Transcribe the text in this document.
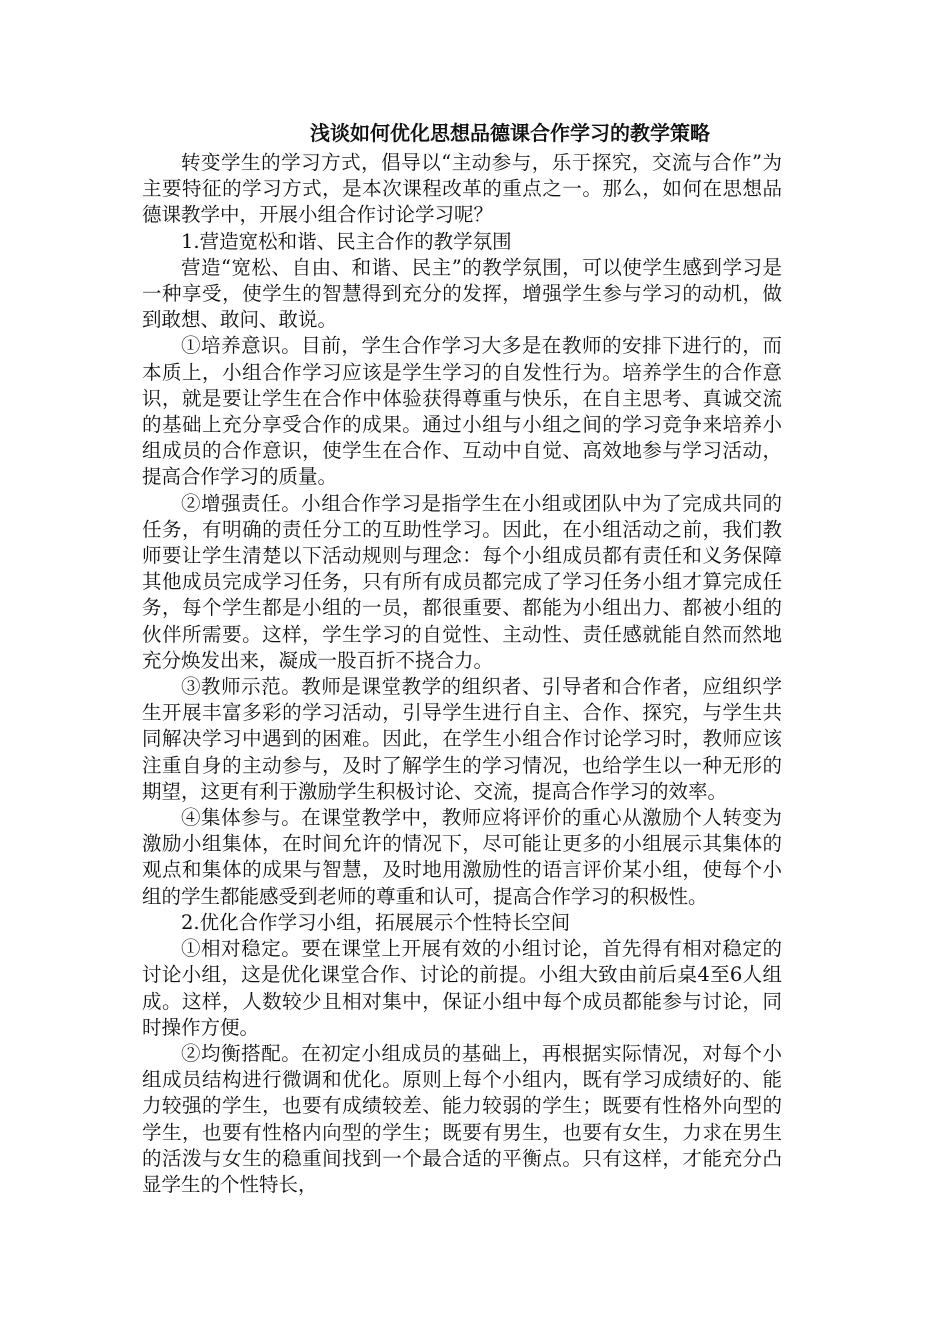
浅谈如何优化思想品德课合作学习的教学策略

转变学生的学习方式，倡导以“主动参与，乐于探究，交流与合作”为主要特征的学习方式，是本次课程改革的重点之一。那么，如何在思想品德课教学中，开展小组合作讨论学习呢？

1.营造宽松和谐、民主合作的教学氛围

营造“宽松、自由、和谐、民主”的教学氛围，可以使学生感到学习是一种享受，使学生的智慧得到充分的发挥，增强学生参与学习的动机，做到敢想、敢问、敢说。

①培养意识。目前，学生合作学习大多是在教师的安排下进行的，而本质上，小组合作学习应该是学生学习的自发性行为。培养学生的合作意识，就是要让学生在合作中体验获得尊重与快乐，在自主思考、真诚交流的基础上充分享受合作的成果。通过小组与小组之间的学习竞争来培养小组成员的合作意识，使学生在合作、互动中自觉、高效地参与学习活动，提高合作学习的质量。

②增强责任。小组合作学习是指学生在小组或团队中为了完成共同的任务，有明确的责任分工的互助性学习。因此，在小组活动之前，我们教师要让学生清楚以下活动规则与理念：每个小组成员都有责任和义务保障其他成员完成学习任务，只有所有成员都完成了学习任务小组才算完成任务，每个学生都是小组的一员，都很重要、都能为小组出力、都被小组的伙伴所需要。这样，学生学习的自觉性、主动性、责任感就能自然而然地充分焕发出来，凝成一股百折不挠合力。

③教师示范。教师是课堂教学的组织者、引导者和合作者，应组织学生开展丰富多彩的学习活动，引导学生进行自主、合作、探究，与学生共同解决学习中遇到的困难。因此，在学生小组合作讨论学习时，教师应该注重自身的主动参与，及时了解学生的学习情况，也给学生以一种无形的期望，这更有利于激励学生积极讨论、交流，提高合作学习的效率。

④集体参与。在课堂教学中，教师应将评价的重心从激励个人转变为激励小组集体，在时间允许的情况下，尽可能让更多的小组展示其集体的观点和集体的成果与智慧，及时地用激励性的语言评价某小组，使每个小组的学生都能感受到老师的尊重和认可，提高合作学习的积极性。

2.优化合作学习小组，拓展展示个性特长空间

①相对稳定。要在课堂上开展有效的小组讨论，首先得有相对稳定的讨论小组，这是优化课堂合作、讨论的前提。小组大致由前后桌4至6人组成。这样，人数较少且相对集中，保证小组中每个成员都能参与讨论，同时操作方便。

②均衡搭配。在初定小组成员的基础上，再根据实际情况，对每个小组成员结构进行微调和优化。原则上每个小组内，既有学习成绩好的、能力较强的学生，也要有成绩较差、能力较弱的学生；既要有性格外向型的学生，也要有性格内向型的学生；既要有男生，也要有女生，力求在男生的活泼与女生的稳重间找到一个最合适的平衡点。只有这样，才能充分凸显学生的个性特长，
